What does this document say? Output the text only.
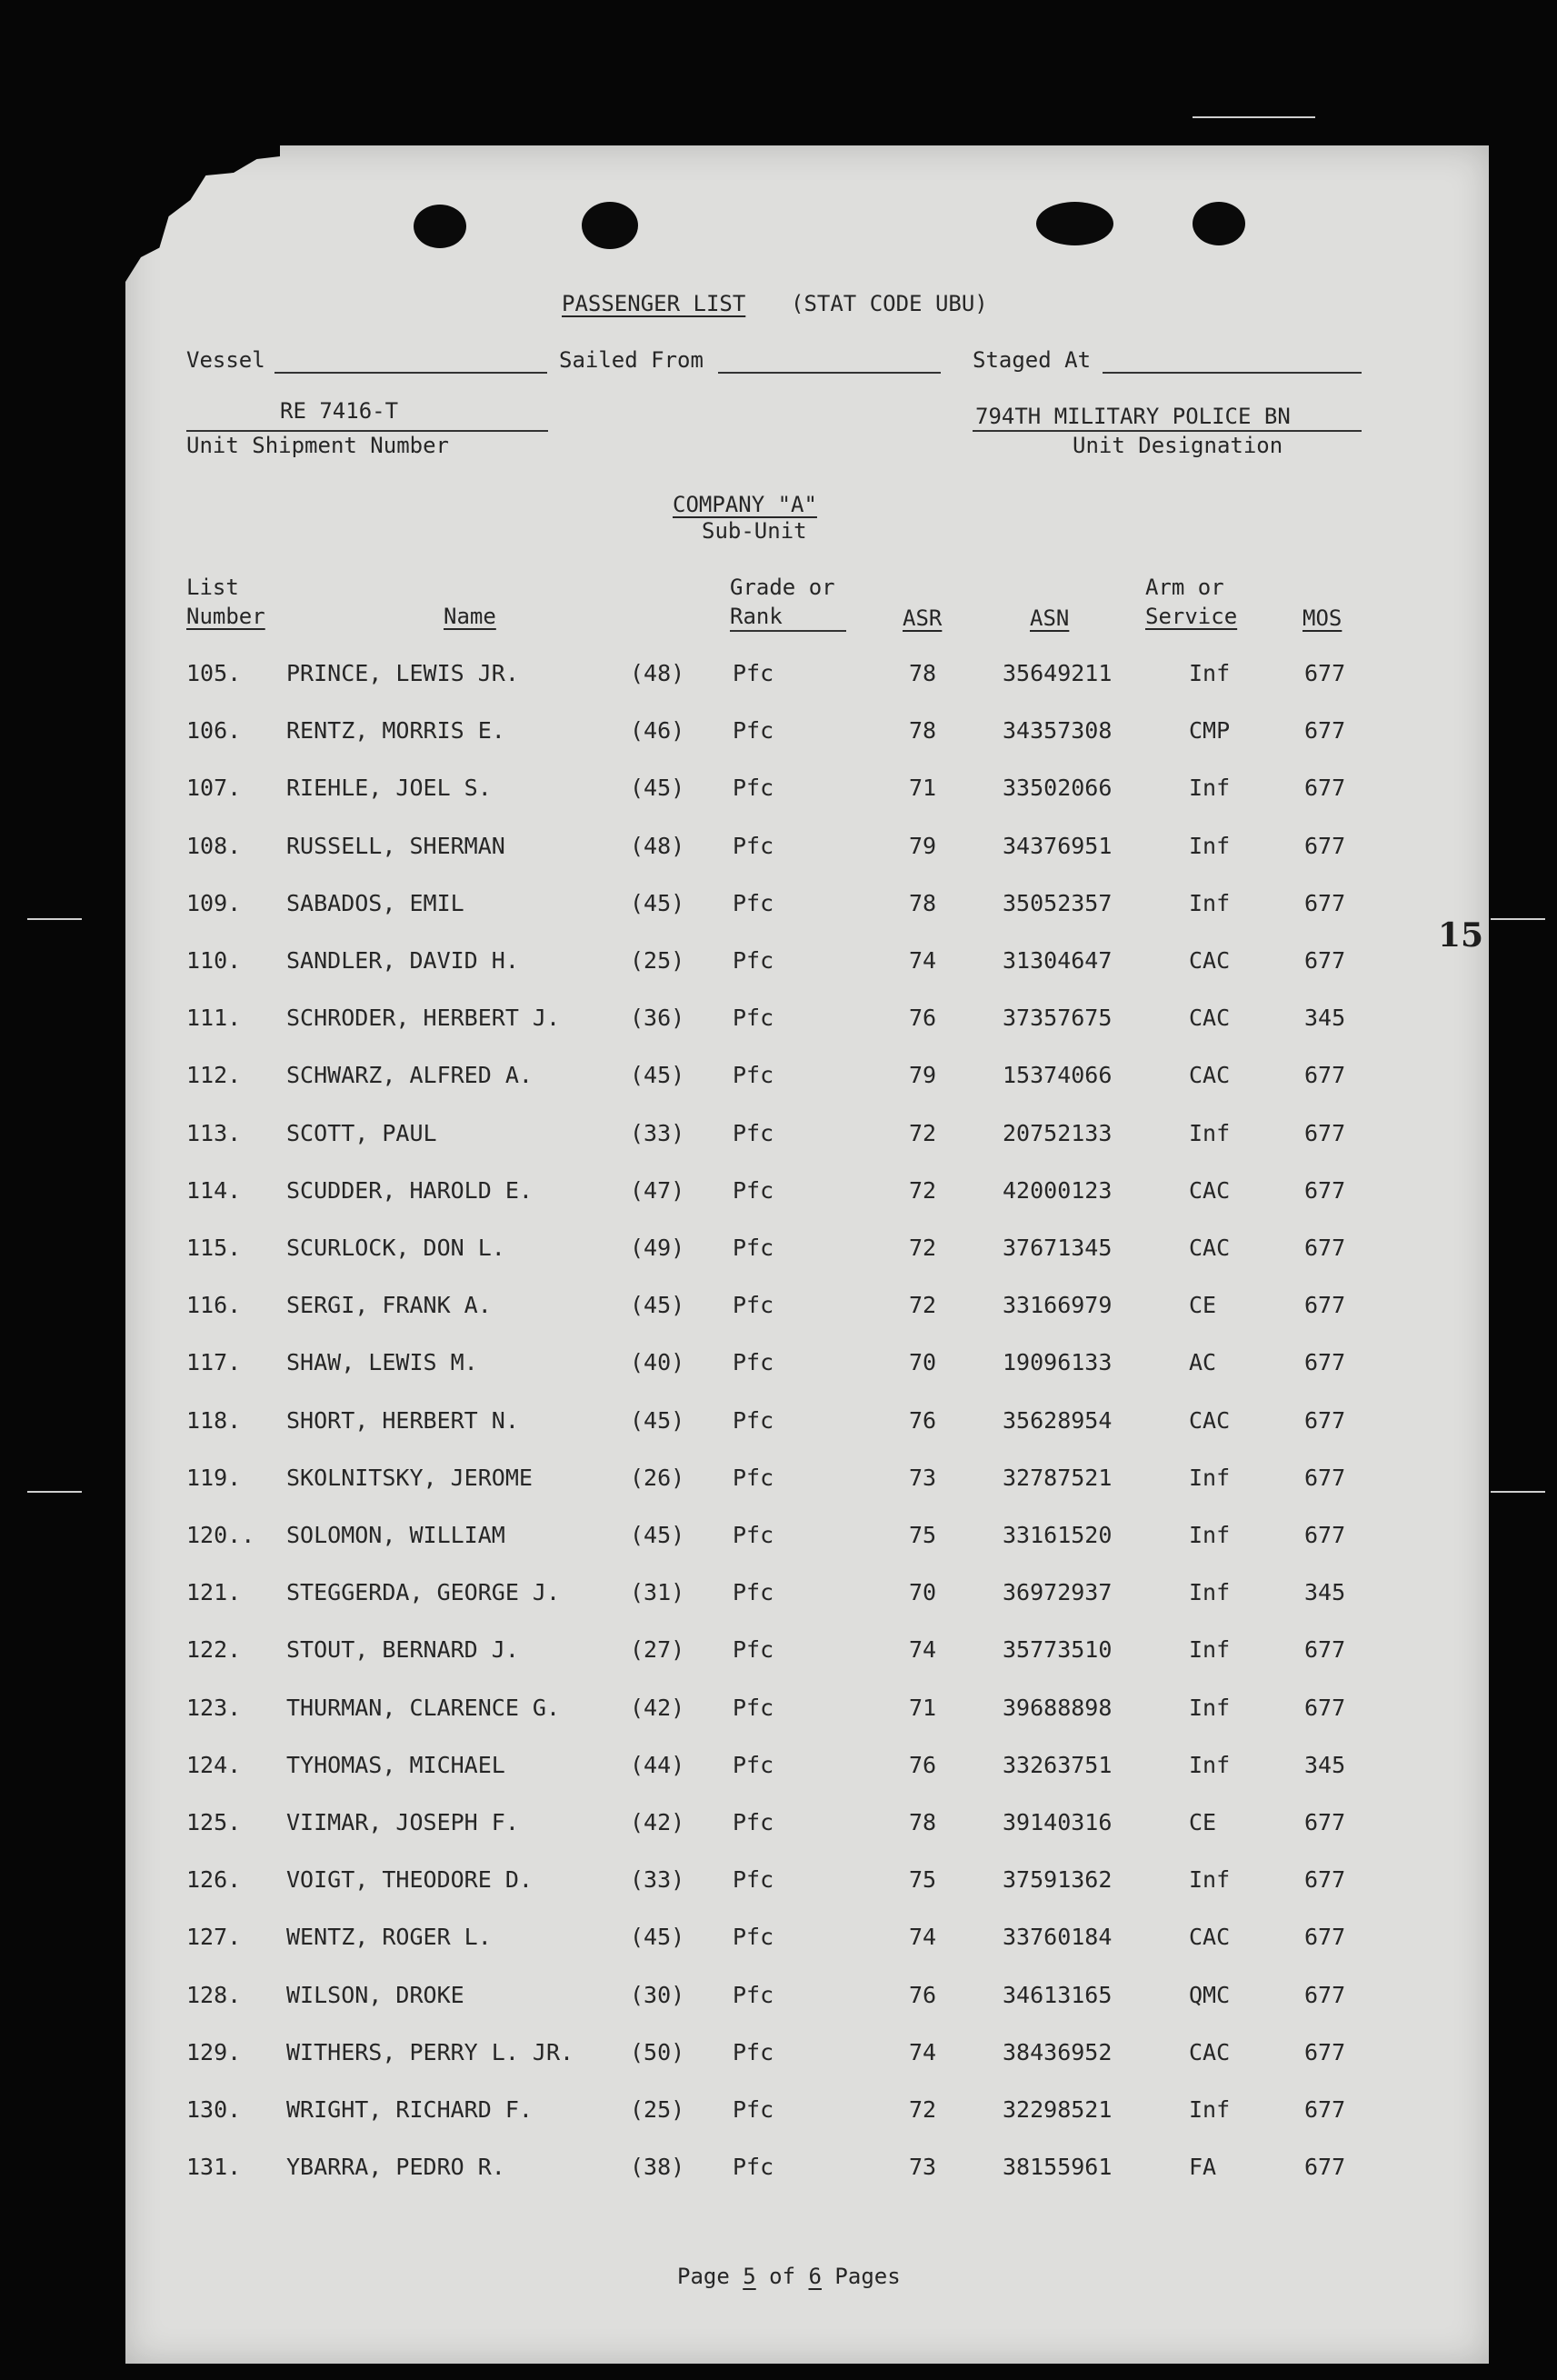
15
PASSENGER LIST (STAT CODE UBU)
Vessel	Sailed From	Staged At
RE 7416-T
Unit Shipment Number
794TH MILITARY POLICE BN
Unit Designation
COMPANY "A"
Sub-Unit
List
Number	Name
Grade or
Rank	ASR	ASN
Arm or
Service	MOS
105. PRINCE, LEWIS JR.	(48) Pfc	78	35649211	Inf	677
106. RENTZ, MORRIS E.	(46) Pfc	78	34357308	CMP	677
107. RIEHLE, JOEL S.	(45) Pfc	71	33502066	Inf	677
108. RUSSELL, SHERMAN	(48) Pfc	79	34376951	Inf	677
109. SABADOS, EMIL	(45) Pfc	78	35052357	Inf	677
110. SANDLER, DAVID H.	(25) Pfc	74	31304647	CAC	677
111. SCHRODER, HERBERT J.	(36) Pfc	76	37357675	CAC	345
112. SCHWARZ, ALFRED A.	(45) Pfc	79	15374066	CAC	677
113. SCOTT, PAUL	(33) Pfc	72	20752133	Inf	677
114. SCUDDER, HAROLD E.	(47) Pfc	72	42000123	CAC	677
115. SCURLOCK, DON L.	(49) Pfc	72	37671345	CAC	677
116. SERGI, FRANK A.	(45) Pfc	72	33166979	CE	677
117. SHAW, LEWIS M.	(40) Pfc	70	19096133	AC	677
118. SHORT, HERBERT N.	(45) Pfc	76	35628954	CAC	677
119. SKOLNITSKY, JEROME	(26) Pfc	73	32787521	Inf	677
120.. SOLOMON, WILLIAM	(45) Pfc	75	33161520	Inf	677
121. STEGGERDA, GEORGE J.	(31) Pfc	70	36972937	Inf	345
122. STOUT, BERNARD J.	(27) Pfc	74	35773510	Inf	677
123. THURMAN, CLARENCE G.	(42) Pfc	71	39688898	Inf	677
124. TYHOMAS, MICHAEL	(44) Pfc	76	33263751	Inf	345
125. VIIMAR, JOSEPH F.	(42) Pfc	78	39140316	CE	677
126. VOIGT, THEODORE D.	(33) Pfc	75	37591362	Inf	677
127. WENTZ, ROGER L.	(45) Pfc	74	33760184	CAC	677
128. WILSON, DROKE	(30) Pfc	76	34613165	QMC	677
129. WITHERS, PERRY L. JR. (50) Pfc	74	38436952	CAC	677
130. WRIGHT, RICHARD F.	(25) Pfc	72	32298521	Inf	677
131. YBARRA, PEDRO R.	(38) Pfc	73	38155961	FA	677
Page 5 of 6 Pages
